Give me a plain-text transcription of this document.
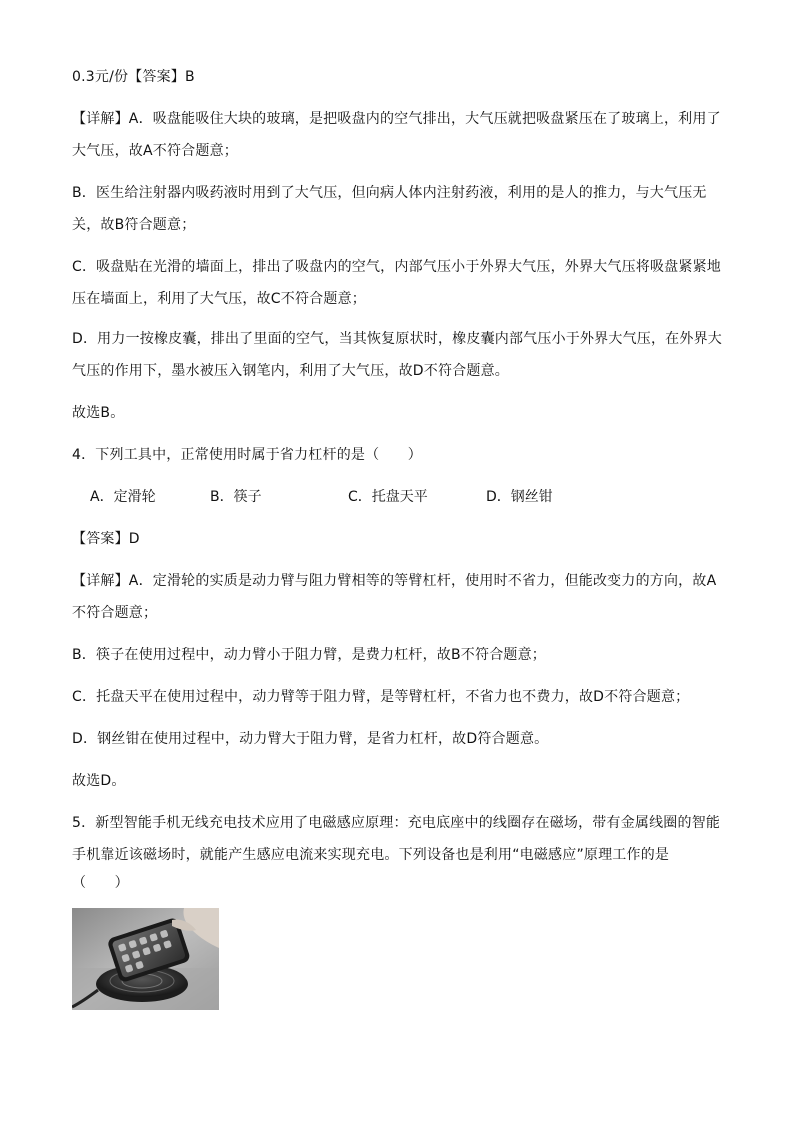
0.3元/份【答案】B
【详解】A．吸盘能吸住大块的玻璃，是把吸盘内的空气排出，大气压就把吸盘紧压在了玻璃上，利用了
大气压，故A不符合题意；
B．医生给注射器内吸药液时用到了大气压，但向病人体内注射药液，利用的是人的推力，与大气压无
关，故B符合题意；
C．吸盘贴在光滑的墙面上，排出了吸盘内的空气，内部气压小于外界大气压，外界大气压将吸盘紧紧地
压在墙面上，利用了大气压，故C不符合题意；
D．用力一按橡皮囊，排出了里面的空气，当其恢复原状时，橡皮囊内部气压小于外界大气压，在外界大
气压的作用下，墨水被压入钢笔内，利用了大气压，故D不符合题意。
故选B。
4．下列工具中，正常使用时属于省力杠杆的是（　　）
A．定滑轮	B．筷子	C．托盘天平	D．钢丝钳
【答案】D
【详解】A．定滑轮的实质是动力臂与阻力臂相等的等臂杠杆，使用时不省力，但能改变力的方向，故A
不符合题意；
B．筷子在使用过程中，动力臂小于阻力臂，是费力杠杆，故B不符合题意；
C．托盘天平在使用过程中，动力臂等于阻力臂，是等臂杠杆，不省力也不费力，故D不符合题意；
D．钢丝钳在使用过程中，动力臂大于阻力臂，是省力杠杆，故D符合题意。
故选D。
5．新型智能手机无线充电技术应用了电磁感应原理：充电底座中的线圈存在磁场，带有金属线圈的智能
手机靠近该磁场时，就能产生感应电流来实现充电。下列设备也是利用“电磁感应”原理工作的是
（　　）
